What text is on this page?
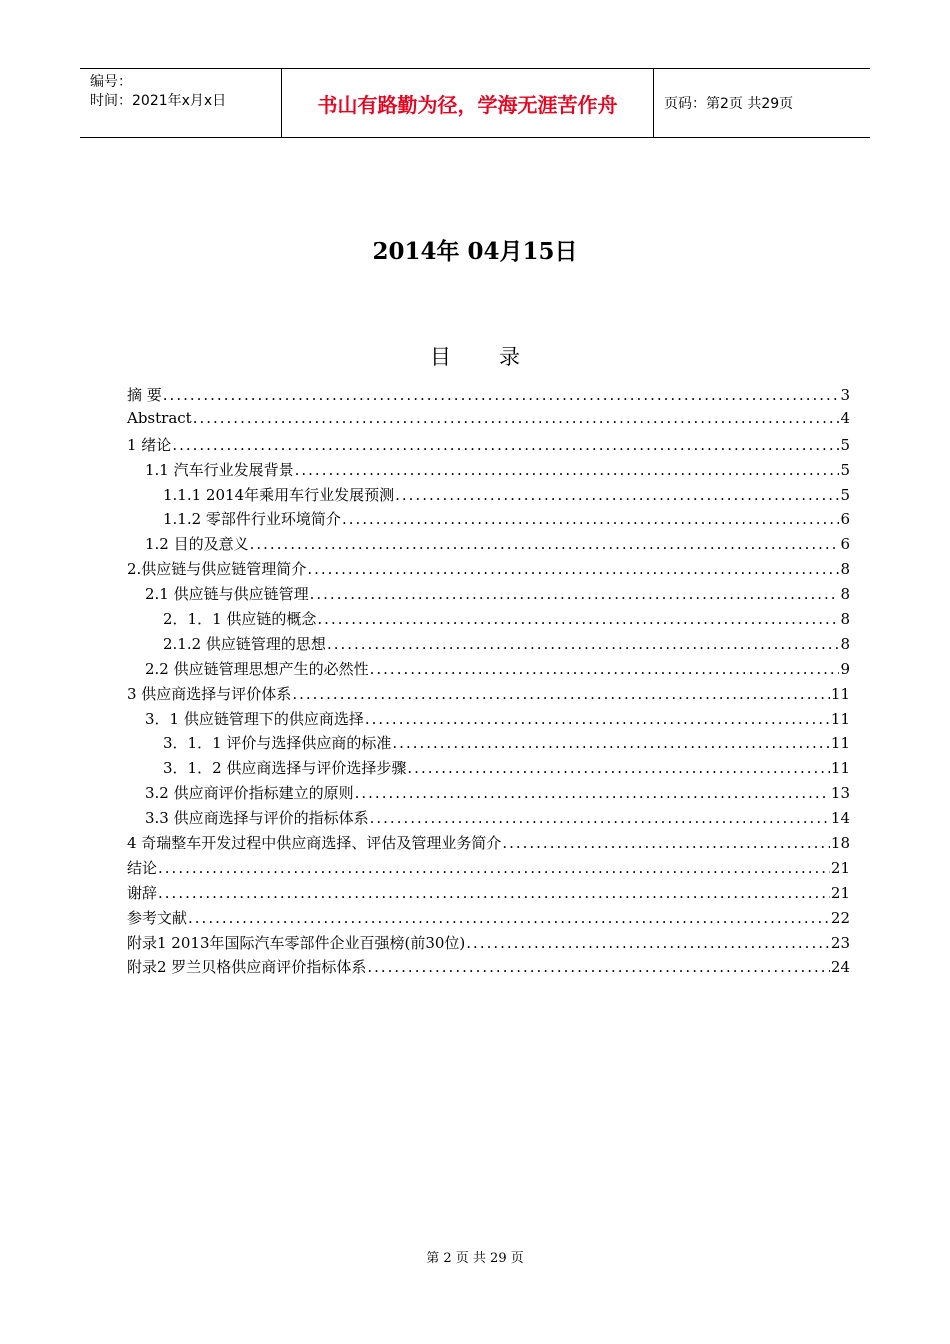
编号：
时间：2021年x月x日	书山有路勤为径，学海无涯苦作舟	页码：第2页 共29页
2014年 04月15日
目录
摘 要 .....	3
Abstract .....	4
1 绪论 .....	5
1.1 汽车行业发展背景 .....	5
1.1.1 2014年乘用车行业发展预测 .....	5
1.1.2 零部件行业环境简介 .....	6
1.2 目的及意义 .....	6
2.供应链与供应链管理简介 .....	8
2.1 供应链与供应链管理 .....	8
2．1．1 供应链的概念 .....	8
2.1.2 供应链管理的思想 .....	8
2.2 供应链管理思想产生的必然性 .....	9
3 供应商选择与评价体系 .....	11
3．1 供应链管理下的供应商选择 .....	11
3．1．1 评价与选择供应商的标准 .....	11
3．1．2 供应商选择与评价选择步骤 .....	11
3.2 供应商评价指标建立的原则 .....	13
3.3 供应商选择与评价的指标体系 .....	14
4 奇瑞整车开发过程中供应商选择、评估及管理业务简介 .....	18
结论 .....	21
谢辞 .....	21
参考文献 .....	22
附录1 2013年国际汽车零部件企业百强榜(前30位) .....	23
附录2 罗兰贝格供应商评价指标体系 .....	24
第 2 页 共 29 页
